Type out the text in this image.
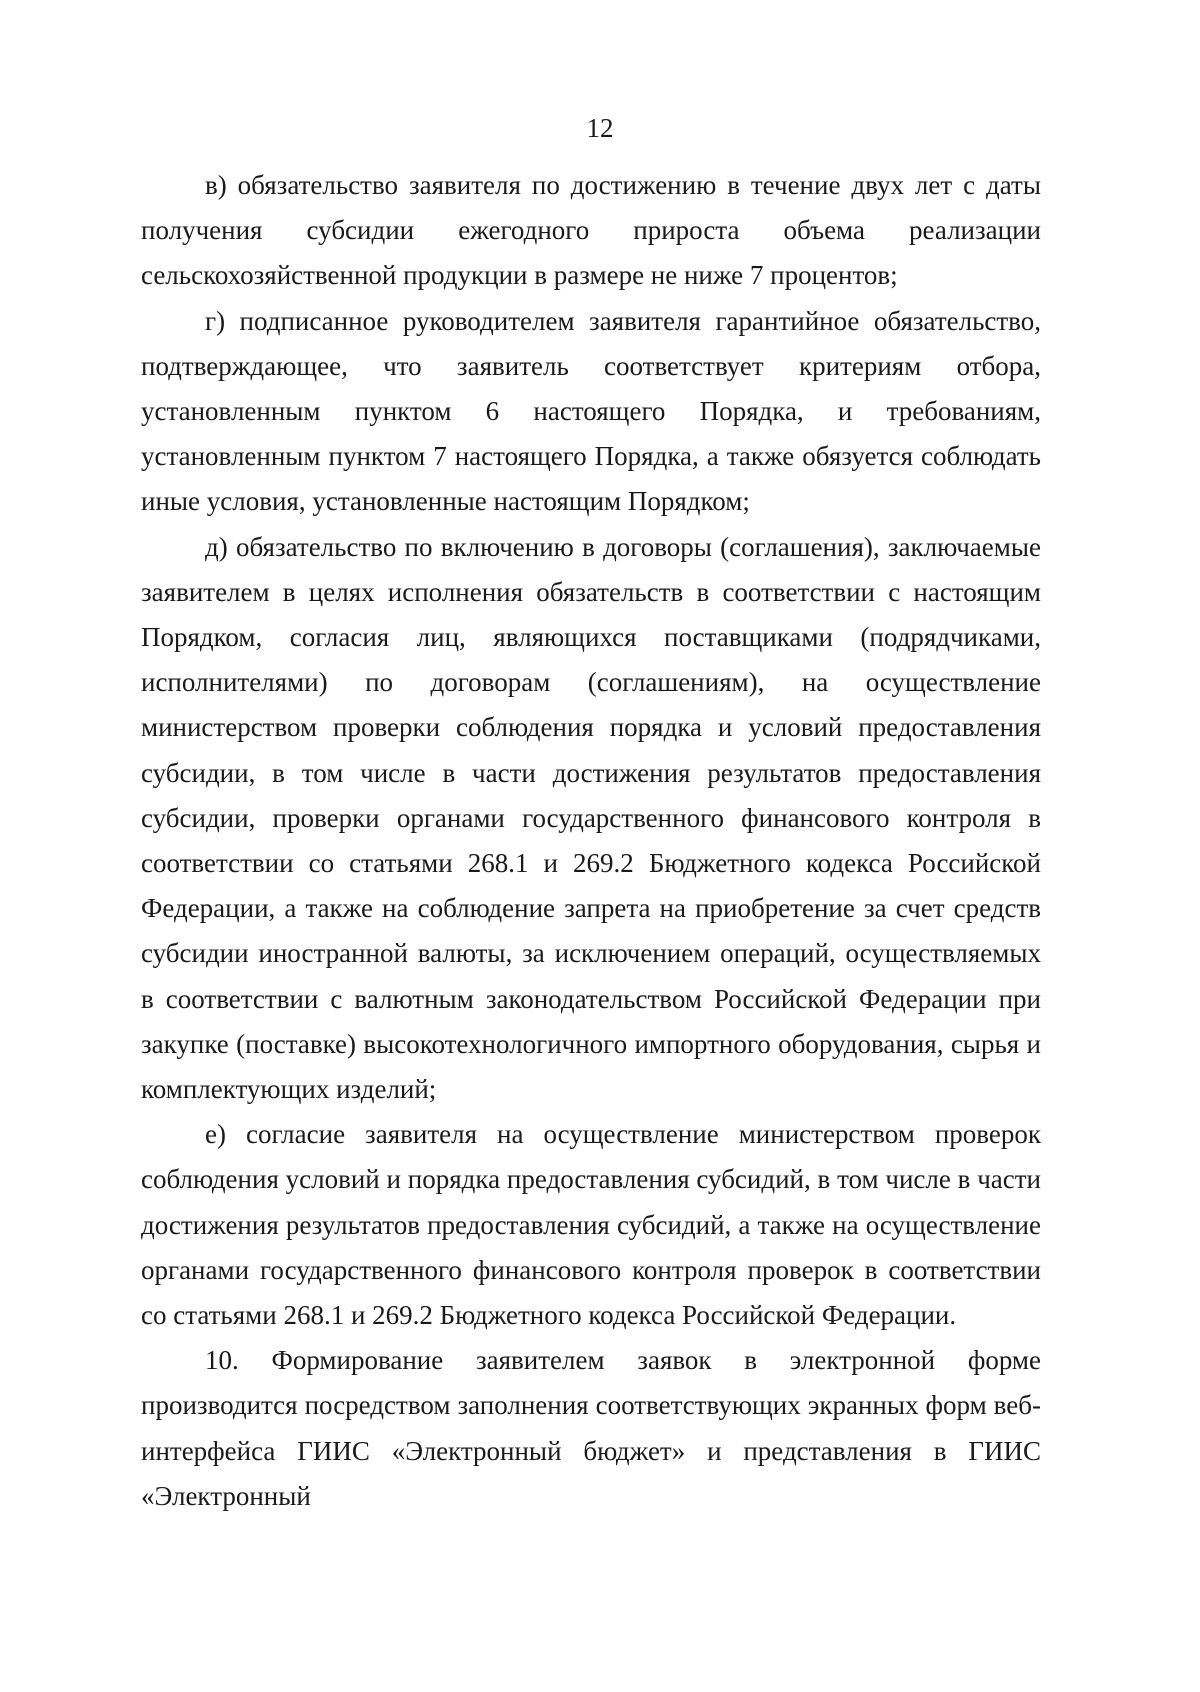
12

в) обязательство заявителя по достижению в течение двух лет с даты получения субсидии ежегодного прироста объема реализации сельскохозяйственной продукции в размере не ниже 7 процентов;

г) подписанное руководителем заявителя гарантийное обязательство, подтверждающее, что заявитель соответствует критериям отбора, установленным пунктом 6 настоящего Порядка, и требованиям, установленным пунктом 7 настоящего Порядка, а также обязуется соблюдать иные условия, установленные настоящим Порядком;

д) обязательство по включению в договоры (соглашения), заключаемые заявителем в целях исполнения обязательств в соответствии с настоящим Порядком, согласия лиц, являющихся поставщиками (подрядчиками, исполнителями) по договорам (соглашениям), на осуществление министерством проверки соблюдения порядка и условий предоставления субсидии, в том числе в части достижения результатов предоставления субсидии, проверки органами государственного финансового контроля в соответствии со статьями 268.1 и 269.2 Бюджетного кодекса Российской Федерации, а также на соблюдение запрета на приобретение за счет средств субсидии иностранной валюты, за исключением операций, осуществляемых в соответствии с валютным законодательством Российской Федерации при закупке (поставке) высокотехнологичного импортного оборудования, сырья и комплектующих изделий;

е) согласие заявителя на осуществление министерством проверок соблюдения условий и порядка предоставления субсидий, в том числе в части достижения результатов предоставления субсидий, а также на осуществление органами государственного финансового контроля проверок в соответствии со статьями 268.1 и 269.2 Бюджетного кодекса Российской Федерации.

10. Формирование заявителем заявок в электронной форме производится посредством заполнения соответствующих экранных форм веб-интерфейса ГИИС «Электронный бюджет» и представления в ГИИС «Электронный
